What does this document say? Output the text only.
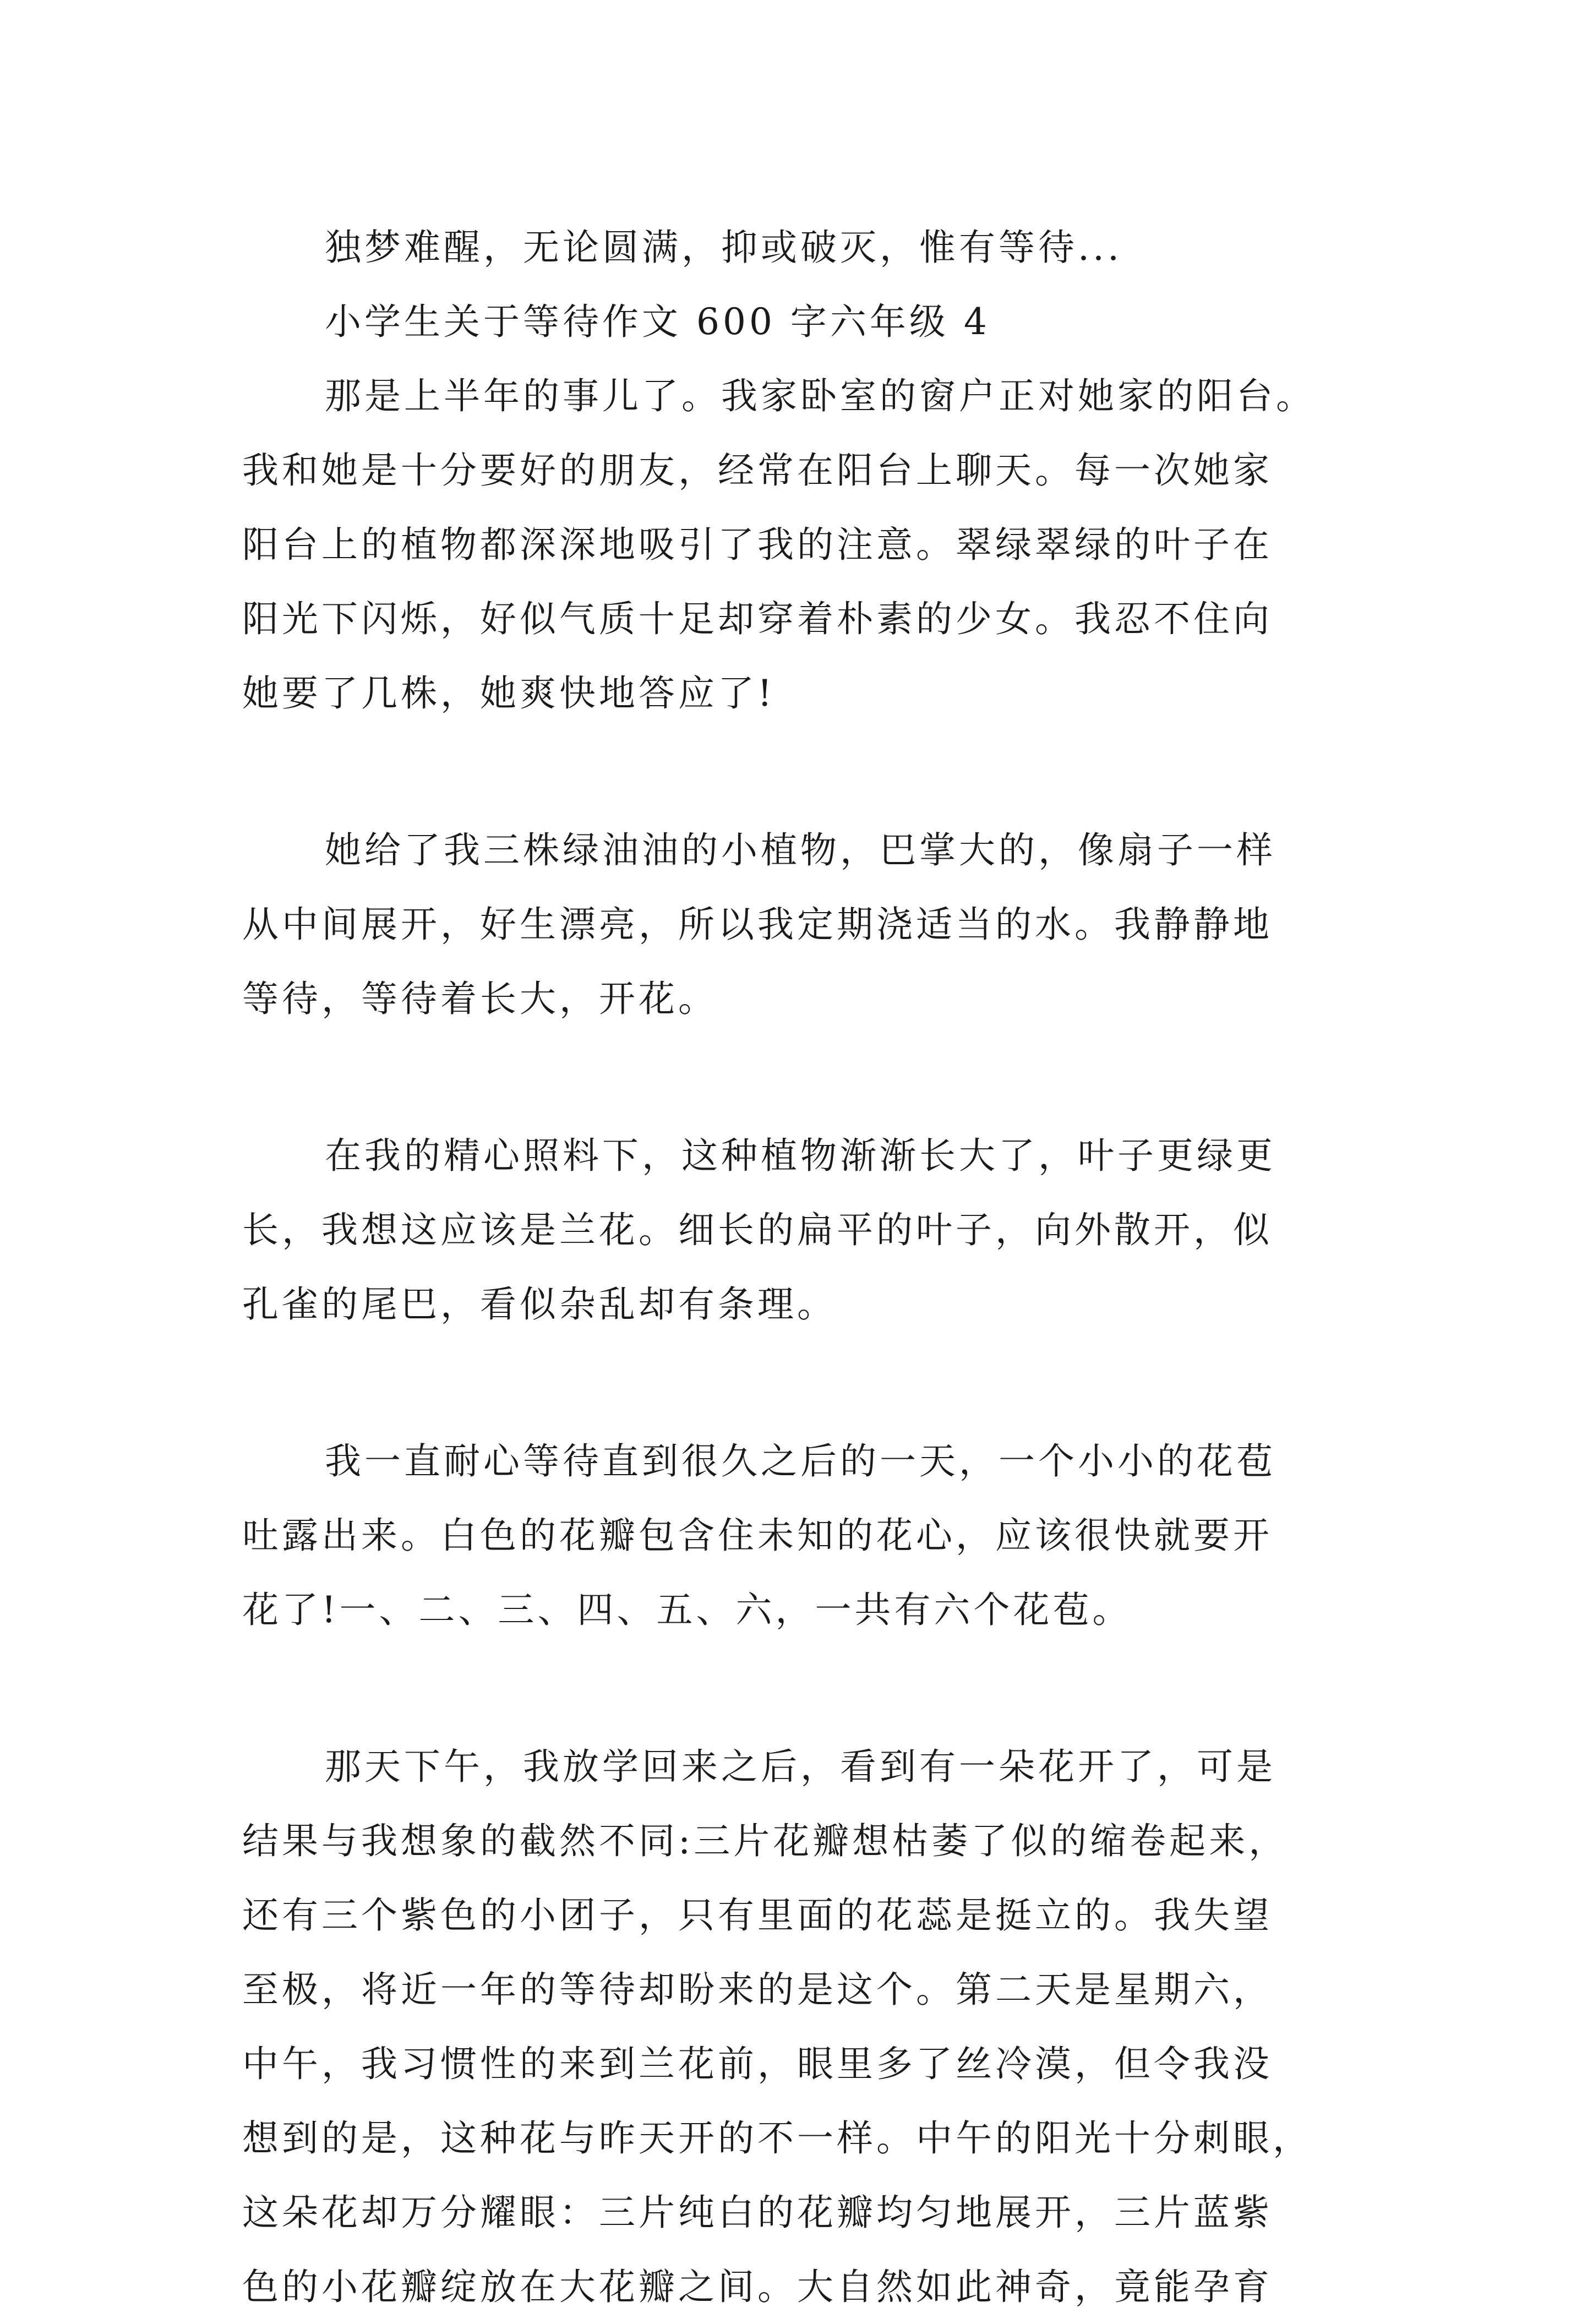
独梦难醒，无论圆满，抑或破灭，惟有等待...
小学生关于等待作文 600 字六年级 4
那是上半年的事儿了。我家卧室的窗户正对她家的阳台。
我和她是十分要好的朋友，经常在阳台上聊天。每一次她家
阳台上的植物都深深地吸引了我的注意。翠绿翠绿的叶子在
阳光下闪烁，好似气质十足却穿着朴素的少女。我忍不住向
她要了几株，她爽快地答应了!
她给了我三株绿油油的小植物，巴掌大的，像扇子一样
从中间展开，好生漂亮，所以我定期浇适当的水。我静静地
等待，等待着长大，开花。
在我的精心照料下，这种植物渐渐长大了，叶子更绿更
长，我想这应该是兰花。细长的扁平的叶子，向外散开，似
孔雀的尾巴，看似杂乱却有条理。
我一直耐心等待直到很久之后的一天，一个小小的花苞
吐露出来。白色的花瓣包含住未知的花心，应该很快就要开
花了!一、二、三、四、五、六，一共有六个花苞。
那天下午，我放学回来之后，看到有一朵花开了，可是
结果与我想象的截然不同:三片花瓣想枯萎了似的缩卷起来，
还有三个紫色的小团子，只有里面的花蕊是挺立的。我失望
至极，将近一年的等待却盼来的是这个。第二天是星期六，
中午，我习惯性的来到兰花前，眼里多了丝冷漠，但令我没
想到的是，这种花与昨天开的不一样。中午的阳光十分刺眼，
这朵花却万分耀眼：三片纯白的花瓣均匀地展开，三片蓝紫
色的小花瓣绽放在大花瓣之间。大自然如此神奇，竟能孕育
